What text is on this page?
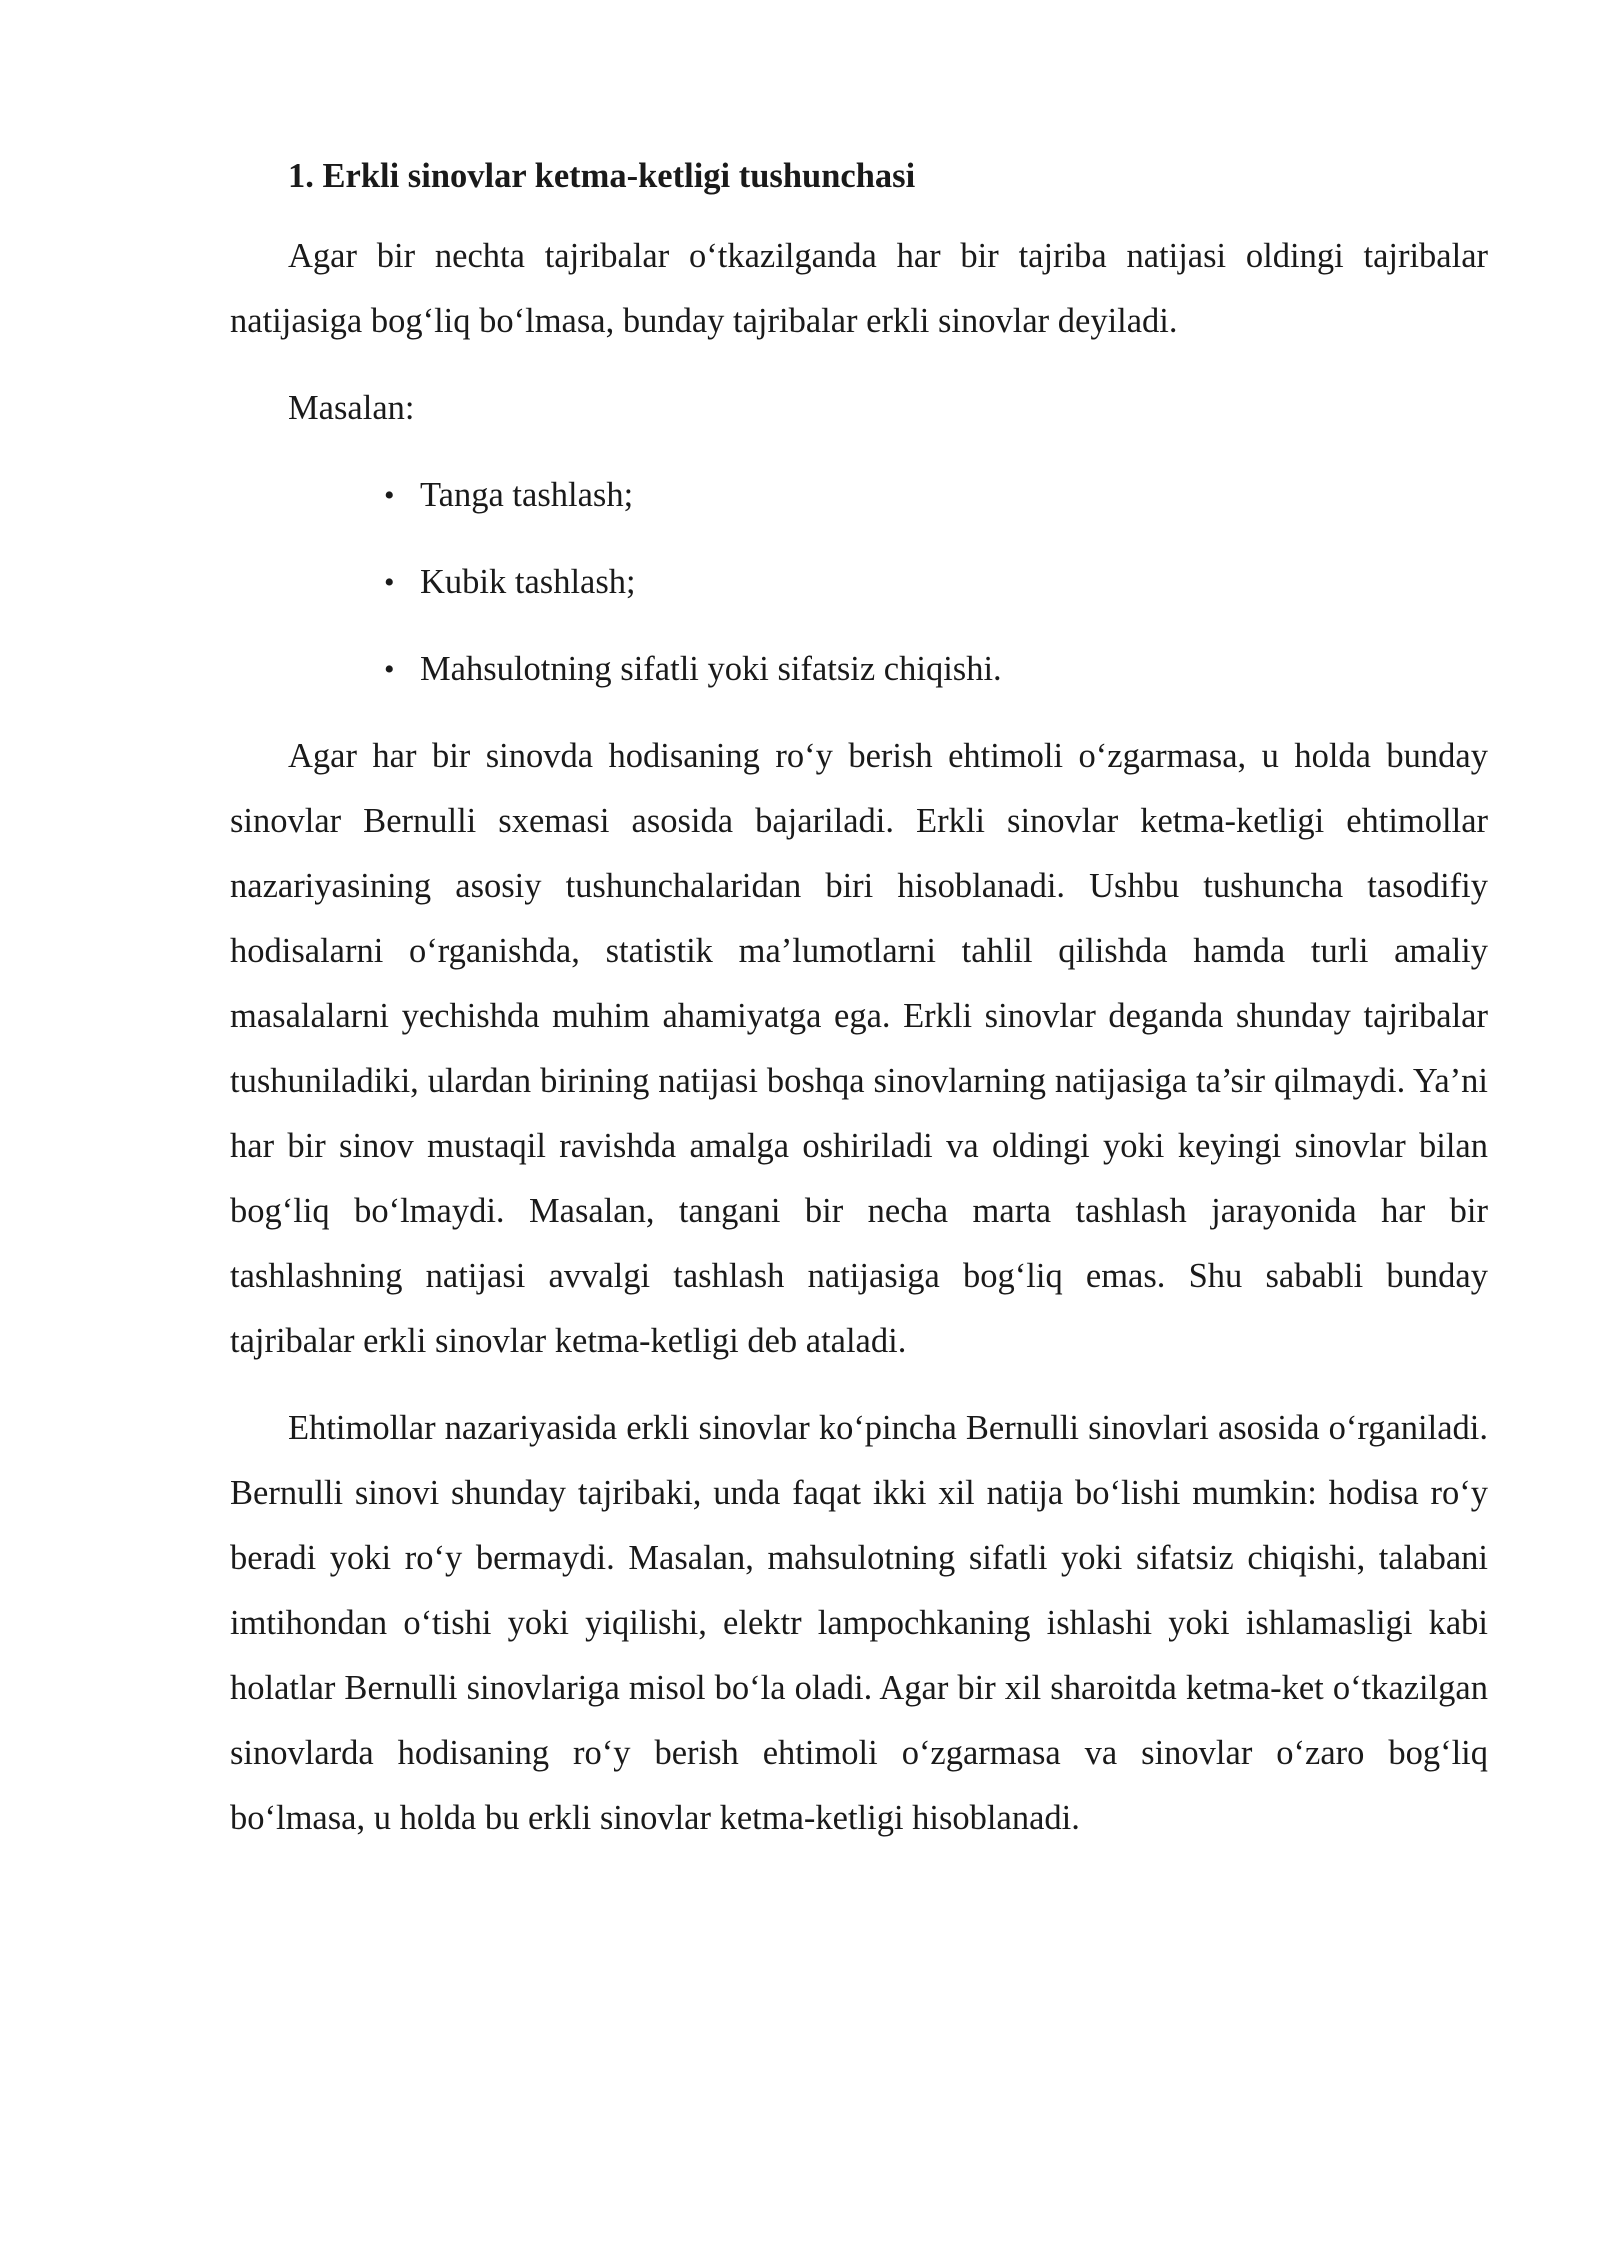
1. Erkli sinovlar ketma-ketligi tushunchasi

Agar bir nechta tajribalar o‘tkazilganda har bir tajriba natijasi oldingi tajribalar natijasiga bog‘liq bo‘lmasa, bunday tajribalar erkli sinovlar deyiladi.

Masalan:

• Tanga tashlash;
• Kubik tashlash;
• Mahsulotning sifatli yoki sifatsiz chiqishi.

Agar har bir sinovda hodisaning ro‘y berish ehtimoli o‘zgarmasa, u holda bunday sinovlar Bernulli sxemasi asosida bajariladi. Erkli sinovlar ketma-ketligi ehtimollar nazariyasining asosiy tushunchalaridan biri hisoblanadi. Ushbu tushuncha tasodifiy hodisalarni o‘rganishda, statistik ma’lumotlarni tahlil qilishda hamda turli amaliy masalalarni yechishda muhim ahamiyatga ega. Erkli sinovlar deganda shunday tajribalar tushuniladiki, ulardan birining natijasi boshqa sinovlarning natijasiga ta’sir qilmaydi. Ya’ni har bir sinov mustaqil ravishda amalga oshiriladi va oldingi yoki keyingi sinovlar bilan bog‘liq bo‘lmaydi. Masalan, tangani bir necha marta tashlash jarayonida har bir tashlashning natijasi avvalgi tashlash natijasiga bog‘liq emas. Shu sababli bunday tajribalar erkli sinovlar ketma-ketligi deb ataladi.

Ehtimollar nazariyasida erkli sinovlar ko‘pincha Bernulli sinovlari asosida o‘rganiladi. Bernulli sinovi shunday tajribaki, unda faqat ikki xil natija bo‘lishi mumkin: hodisa ro‘y beradi yoki ro‘y bermaydi. Masalan, mahsulotning sifatli yoki sifatsiz chiqishi, talabani imtihondan o‘tishi yoki yiqilishi, elektr lampochkaning ishlashi yoki ishlamasligi kabi holatlar Bernulli sinovlariga misol bo‘la oladi. Agar bir xil sharoitda ketma-ket o‘tkazilgan sinovlarda hodisaning ro‘y berish ehtimoli o‘zgarmasa va sinovlar o‘zaro bog‘liq bo‘lmasa, u holda bu erkli sinovlar ketma-ketligi hisoblanadi.
